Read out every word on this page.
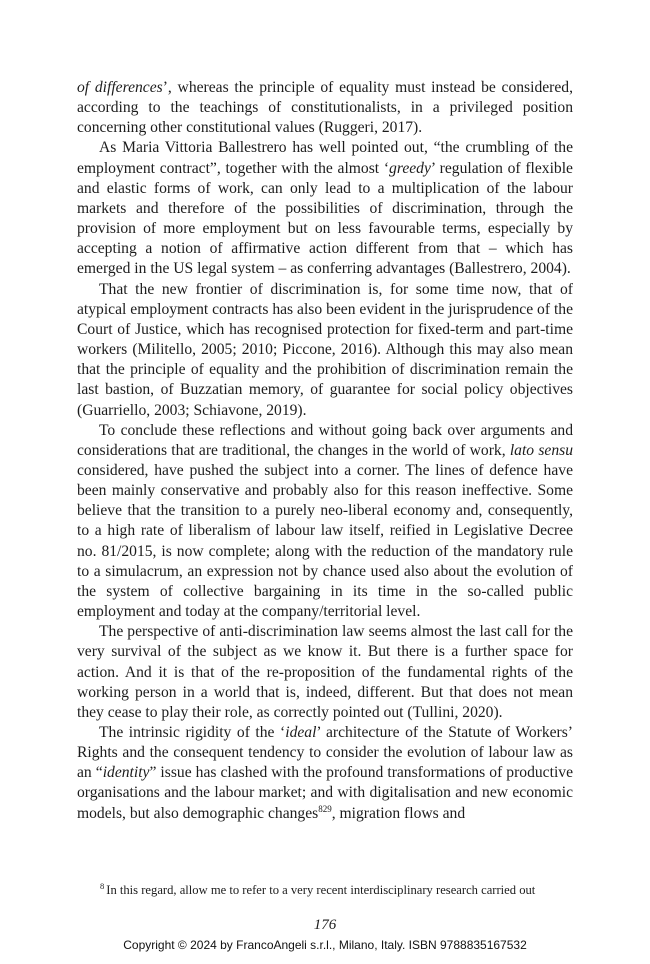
of differences’, whereas the principle of equality must instead be considered, according to the teachings of constitutionalists, in a privileged position concerning other constitutional values (Ruggeri, 2017).

As Maria Vittoria Ballestrero has well pointed out, “the crumbling of the employment contract”, together with the almost ‘greedy’ regulation of flexible and elastic forms of work, can only lead to a multiplication of the labour markets and therefore of the possibilities of discrimination, through the provision of more employment but on less favourable terms, especially by accepting a notion of affirmative action different from that – which has emerged in the US legal system – as conferring advantages (Ballestrero, 2004).

That the new frontier of discrimination is, for some time now, that of atypical employment contracts has also been evident in the jurisprudence of the Court of Justice, which has recognised protection for fixed-term and part-time workers (Militello, 2005; 2010; Piccone, 2016). Although this may also mean that the principle of equality and the prohibition of discrimination remain the last bastion, of Buzzatian memory, of guarantee for social policy objectives (Guarriello, 2003; Schiavone, 2019).

To conclude these reflections and without going back over arguments and considerations that are traditional, the changes in the world of work, lato sensu considered, have pushed the subject into a corner. The lines of defence have been mainly conservative and probably also for this reason ineffective. Some believe that the transition to a purely neo-liberal economy and, consequently, to a high rate of liberalism of labour law itself, reified in Legislative Decree no. 81/2015, is now complete; along with the reduction of the mandatory rule to a simulacrum, an expression not by chance used also about the evolution of the system of collective bargaining in its time in the so-called public employment and today at the company/territorial level.

The perspective of anti-discrimination law seems almost the last call for the very survival of the subject as we know it. But there is a further space for action. And it is that of the re-proposition of the fundamental rights of the working person in a world that is, indeed, different. But that does not mean they cease to play their role, as correctly pointed out (Tullini, 2020).

The intrinsic rigidity of the ‘ideal’ architecture of the Statute of Workers’ Rights and the consequent tendency to consider the evolution of labour law as an “identity” issue has clashed with the profound transformations of productive organisations and the labour market; and with digitalisation and new economic models, but also demographic changes$^{829}$, migration flows and

$^8$ In this regard, allow me to refer to a very recent interdisciplinary research carried out
176
Copyright © 2024 by FrancoAngeli s.r.l., Milano, Italy. ISBN 9788835167532
